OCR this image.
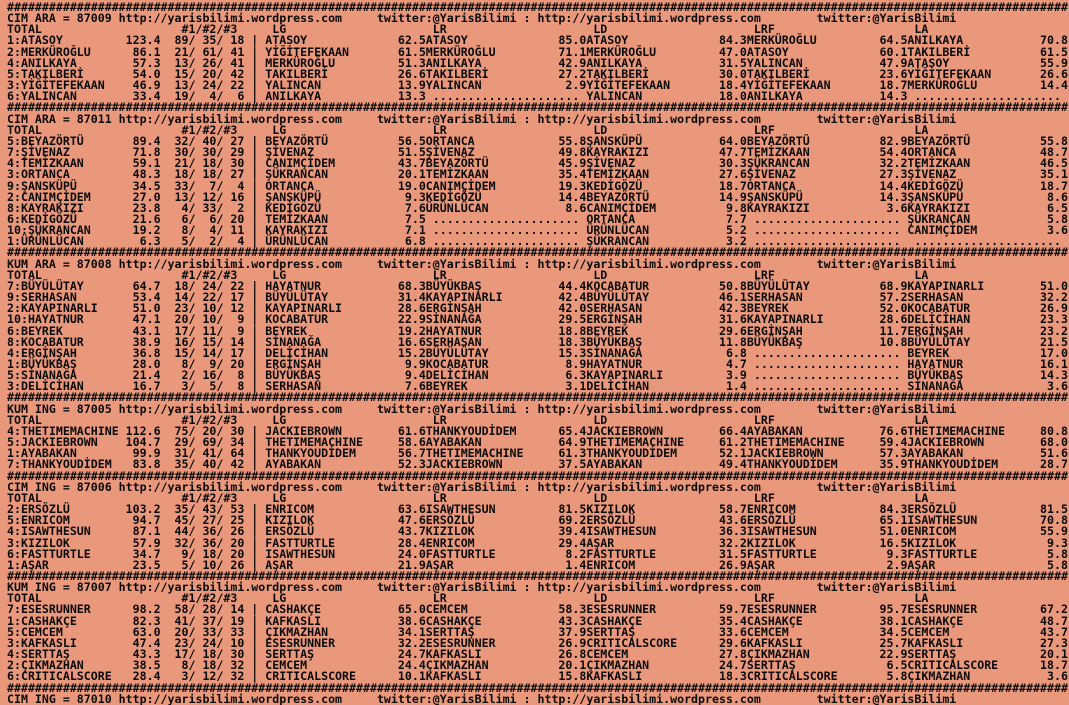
########################################################################################################################################################
CIM ARA = 87009 http://yarisbilimi.wordpress.com     twitter:@YarisBilimi : http://yarisbilimi.wordpress.com        twitter:@YarisBilimi
TOTAL                    #1/#2/#3     LG                     LR                     LD                     LRF                    LA
1:ATASOY         123.4  89/ 35/ 18 | ATASOY             62.5ATASOY             85.0ATASOY             84.3MERKÜROĞLU         64.5ANILKAYA           70.8
2:MERKÜROĞLU      86.1  21/ 61/ 41 | YİĞİTEFEKAAN       61.5MERKÜROĞLU         71.1MERKÜROĞLU         47.0ATASOY             60.1TAKILBERİ          61.5
4:ANILKAYA        57.3  13/ 26/ 41 | MERKÜROĞLU         51.3ANILKAYA           42.9ANILKAYA           31.5YALINCAN           47.9ATASOY             55.9
5:TAKILBERİ       54.0  15/ 20/ 42 | TAKILBERİ          26.6TAKILBERİ          27.2TAKILBERİ          30.0TAKILBERİ          23.6YİĞİTEFEKAAN       26.6
3:YİĞİTEFEKAAN    46.9  13/ 24/ 22 | YALINCAN           13.9YALINCAN            2.9YİĞİTEFEKAAN       18.4YİĞİTEFEKAAN       18.7MERKÜROĞLU         14.4
6:YALINCAN        33.4  19/  4/  6 | ANILKAYA           13.3 ..................... YALINCAN           18.0ANILKAYA           14.3 .....................
########################################################################################################################################################
CIM ARA = 87011 http://yarisbilimi.wordpress.com     twitter:@YarisBilimi : http://yarisbilimi.wordpress.com        twitter:@YarisBilimi
TOTAL                    #1/#2/#3     LG                     LR                     LD                     LRF                    LA
5:BEYAZÖRTÜ       89.4  32/ 40/ 27 | BEYAZÖRTÜ          56.5ORTANCA            55.8ŞANSKÜPÜ           64.0BEYAZÖRTÜ          82.9BEYAZÖRTÜ          55.8
7:ŞİVENAZ         71.8  30/ 30/ 29 | ŞİVENAZ            51.5ŞİVENAZ            49.8KAYRAKIZI          47.7TEMİZKAAN          54.4ORTANCA            48.7
4:TEMİZKAAN       59.1  21/ 18/ 30 | CANIMÇİDEM         43.7BEYAZÖRTÜ          45.9ŞİVENAZ            30.3ŞÜKRANCAN          32.2TEMİZKAAN          46.5
3:ORTANCA         48.3  18/ 18/ 27 | ŞÜKRANCAN          20.1TEMİZKAAN          35.4TEMİZKAAN          27.6ŞİVENAZ            27.3ŞİVENAZ            35.1
9:ŞANSKÜPÜ        34.5  33/  7/  4 | ORTANCA            19.0CANIMÇİDEM         19.3KEDİGÖZÜ           18.7ORTANCA            14.4KEDİGÖZÜ           18.7
2:CANIMÇİDEM      27.0  13/ 12/ 16 | ŞANSKÜPÜ            9.3KEDİGÖZÜ           14.4BEYAZÖRTÜ          14.9ŞANSKÜPÜ           14.3ŞANSKÜPÜ            8.6
8:KAYRAKIZI       23.8   4/ 33/  2 | KEDİGÖZÜ            7.6ÜRÜNLÜCAN           8.6CANIMÇİDEM          9.8KAYRAKIZI           3.6KAYRAKIZI           6.5
6:KEDİGÖZÜ        21.6   6/  6/ 20 | TEMİZKAAN           7.5 ..................... ORTANCA             7.7 ..................... ŞÜKRANCAN           5.8
10:ŞÜKRANCAN      19.2   8/  4/ 11 | KAYRAKIZI           7.1 ..................... ÜRÜNLÜCAN           5.2 ..................... CANIMÇİDEM          3.6
1:ÜRÜNLÜCAN        6.3   5/  2/  4 | ÜRÜNLÜCAN           6.8 ..................... ŞÜKRANCAN           3.2 .....................  .....................
########################################################################################################################################################
KUM ARA = 87008 http://yarisbilimi.wordpress.com     twitter:@YarisBilimi : http://yarisbilimi.wordpress.com        twitter:@YarisBilimi
TOTAL                    #1/#2/#3     LG                     LR                     LD                     LRF                    LA
7:BÜYÜLÜTAY       64.7  18/ 24/ 22 | HAYATNUR           68.3BÜYÜKBAŞ           44.4KOCABATUR          50.8BÜYÜLÜTAY          68.9KAYAPINARLI        51.0
9:SERHASAN        53.4  14/ 22/ 17 | BÜYÜLÜTAY          31.4KAYAPINARLI        42.4BÜYÜLÜTAY          46.1SERHASAN           57.2SERHASAN           32.2
2:KAYAPINARLI     51.0  23/ 10/ 12 | KAYAPINARLI        28.6ERGİNŞAH           42.0SERHASAN           42.3BEYREK             52.0KOCABATUR          26.9
10:HAYATNUR       47.1  20/ 10/  9 | KOCABATUR          22.9SİNANAĞA           29.5ERGİNŞAH           31.6KAYAPINARLI        28.6DELİCİHAN          23.3
6:BEYREK          43.1  17/ 11/  9 | BEYREK             19.2HAYATNUR           18.8BEYREK             29.6ERGİNŞAH           11.7ERGİNŞAH           23.2
8:KOCABATUR       38.9  16/ 15/ 14 | SİNANAĞA           16.6SERHASAN           18.3BÜYÜKBAŞ           11.8BÜYÜKBAŞ           10.8BÜYÜLÜTAY          21.5
4:ERGİNŞAH        36.8  15/ 14/ 17 | DELİCİHAN          15.2BÜYÜLÜTAY          15.3SİNANAĞA            6.8 ..................... BEYREK             17.0
1:BÜYÜKBAŞ        28.0   8/  9/ 20 | ERGİNŞAH            9.9KOCABATUR           8.9HAYATNUR            4.7 ..................... HAYATNUR           16.1
5:SİNANAĞA        21.4   2/ 16/  8 | BÜYÜKBAŞ            9.4DELİCİHAN           6.3KAYAPINARLI         3.9 ..................... BÜYÜKBAŞ           14.3
3:DELİCİHAN       16.7   3/  5/  8 | SERHASAN            7.6BEYREK              3.1DELİCİHAN           1.4 ..................... SİNANAĞA            3.6
########################################################################################################################################################
KUM ING = 87005 http://yarisbilimi.wordpress.com     twitter:@YarisBilimi : http://yarisbilimi.wordpress.com        twitter:@YarisBilimi
TOTAL                    #1/#2/#3     LG                     LR                     LD                     LRF                    LA
4:THETIMEMACHINE 112.6  75/ 20/ 30 | JACKIEBROWN        61.6THANKYOUDİDEM      65.4JACKIEBROWN        66.4AYABAKAN           76.6THETIMEMACHINE     80.8
5:JACKIEBROWN    104.7  29/ 69/ 34 | THETIMEMACHINE     58.6AYABAKAN           64.9THETIMEMACHINE     61.2THETIMEMACHINE     59.4JACKIEBROWN        68.0
1:AYABAKAN        99.9  31/ 41/ 64 | THANKYOUDİDEM      56.7THETIMEMACHINE     61.3THANKYOUDİDEM      52.1JACKIEBROWN        57.3AYABAKAN           51.6
7:THANKYOUDİDEM   83.8  35/ 40/ 42 | AYABAKAN           52.3JACKIEBROWN        37.5AYABAKAN           49.4THANKYOUDİDEM      35.9THANKYOUDİDEM      28.7
########################################################################################################################################################
CIM ING = 87006 http://yarisbilimi.wordpress.com     twitter:@YarisBilimi : http://yarisbilimi.wordpress.com        twitter:@YarisBilimi
TOTAL                    #1/#2/#3     LG                     LR                     LD                     LRF                    LA
2:ERSÖZLÜ        103.2  35/ 43/ 53 | ENRICOM            63.6ISAWTHESUN         81.5KIZILOK            58.7ENRICOM            84.3ERSÖZLÜ            81.5
5:ENRICOM         94.7  45/ 27/ 25 | KIZILOK            47.6ERSÖZLÜ            69.2ERSÖZLÜ            43.6ERSÖZLÜ            65.1ISAWTHESUN         70.8
4:ISAWTHESUN      87.1  44/ 36/ 26 | ERSÖZLÜ            43.7KIZILOK            39.4ISAWTHESUN         36.3ISAWTHESUN         51.0ENRICOM            55.9
3:KIZILOK         57.9  32/ 36/ 20 | FASTTURTLE         28.4ENRICOM            29.4AŞAR               32.2KIZILOK            16.5KIZILOK             9.3
6:FASTTURTLE      34.7   9/ 18/ 20 | ISAWTHESUN         24.0FASTTURTLE          8.2FASTTURTLE         31.5FASTTURTLE          9.3FASTTURTLE          5.8
1:AŞAR            23.5   5/ 10/ 26 | AŞAR               21.9AŞAR                1.4ENRICOM            26.9AŞAR                2.9AŞAR                5.8
########################################################################################################################################################
KUM ING = 87007 http://yarisbilimi.wordpress.com     twitter:@YarisBilimi : http://yarisbilimi.wordpress.com        twitter:@YarisBilimi
TOTAL                    #1/#2/#3     LG                     LR                     LD                     LRF                    LA
7:ESESRUNNER      98.2  58/ 28/ 14 | CASHAKÇE           65.0CEMCEM             58.3ESESRUNNER         59.7ESESRUNNER         95.7ESESRUNNER         67.2
1:CASHAKÇE        82.3  41/ 37/ 19 | KAFKASLI           38.6CASHAKÇE           43.3CASHAKÇE           35.4CASHAKÇE           38.1CASHAKÇE           48.7
5:CEMCEM          63.0  20/ 33/ 33 | ÇIKMAZHAN          34.1SERTTAŞ            37.9SERTTAŞ            33.6CEMCEM             34.5CEMCEM             43.7
3:KAFKASLI        47.4  23/ 24/ 10 | ESESRUNNER         32.2ESESRUNNER         26.9CRITICALSCORE      29.6KAFKASLI           25.7KAFKASLI           27.3
4:SERTTAŞ         43.3  17/ 18/ 30 | SERTTAŞ            24.7KAFKASLI           26.8CEMCEM             27.8ÇIKMAZHAN          22.9SERTTAŞ            20.1
2:ÇIKMAZHAN       38.5   8/ 18/ 32 | CEMCEM             24.4ÇIKMAZHAN          20.1ÇIKMAZHAN          24.7SERTTAŞ             6.5CRITICALSCORE      18.7
6:CRITICALSCORE   28.4   3/ 12/ 32 | CRITICALSCORE      10.1KAFKASLI           15.8KAFKASLI           18.3CRITICALSCORE       5.8ÇIKMAZHAN           3.6
########################################################################################################################################################
CIM ING = 87010 http://yarisbilimi.wordpress.com     twitter:@YarisBilimi : http://yarisbilimi.wordpress.com        twitter:@YarisBilimi
